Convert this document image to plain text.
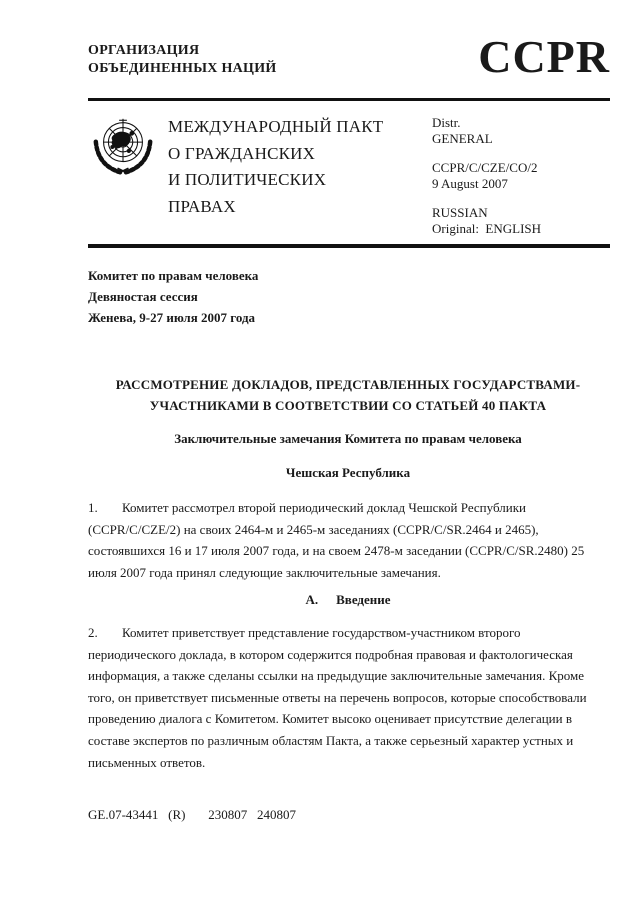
ОРГАНИЗАЦИЯ
ОБЪЕДИНЕННЫХ НАЦИЙ	CCPR
МЕЖДУНАРОДНЫЙ ПАКТ
О ГРАЖДАНСКИХ
И ПОЛИТИЧЕСКИХ
ПРАВАХ
Distr.
GENERAL
CCPR/C/CZE/CO/2
9 August 2007
RUSSIAN
Original:  ENGLISH
Комитет по правам человека
Девяностая сессия
Женева, 9-27 июля 2007 года
РАССМОТРЕНИЕ ДОКЛАДОВ, ПРЕДСТАВЛЕННЫХ ГОСУДАРСТВАМИ-
УЧАСТНИКАМИ В СООТВЕТСТВИИ СО СТАТЬЕЙ 40 ПАКТА
Заключительные замечания Комитета по правам человека
Чешская Республика
1. Комитет рассмотрел второй периодический доклад Чешской Республики (CCPR/C/CZE/2) на своих 2464-м и 2465-м заседаниях (CCPR/C/SR.2464 и 2465), состоявшихся 16 и 17 июля 2007 года, и на своем 2478-м заседании (CCPR/C/SR.2480) 25 июля 2007 года принял следующие заключительные замечания.
A. Введение
2. Комитет приветствует представление государством-участником второго периодического доклада, в котором содержится подробная правовая и фактологическая информация, а также сделаны ссылки на предыдущие заключительные замечания. Кроме того, он приветствует письменные ответы на перечень вопросов, которые способствовали проведению диалога с Комитетом. Комитет высоко оценивает присутствие делегации в составе экспертов по различным областям Пакта, а также серьезный характер устных и письменных ответов.
GE.07-43441   (R)       230807   240807
